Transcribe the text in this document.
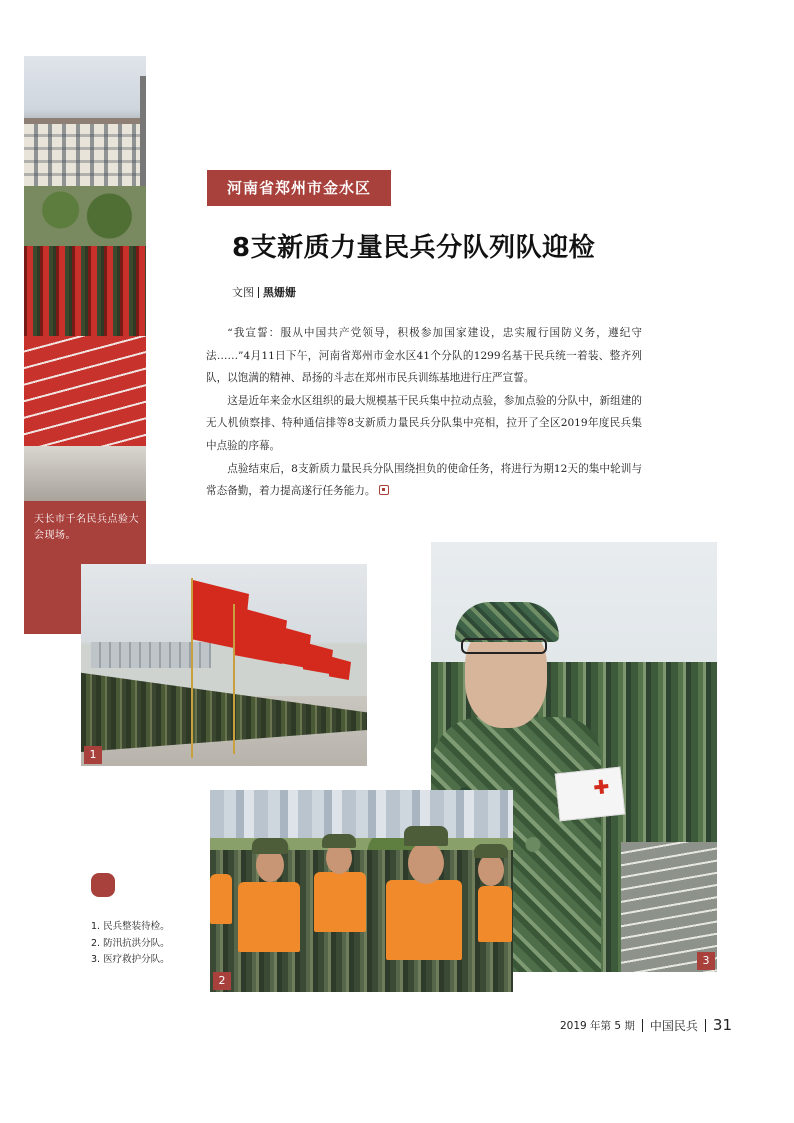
天长市千名民兵点验大会现场。
河南省郑州市金水区
8支新质力量民兵分队列队迎检
文图 黑姗姗

“我宣誓：服从中国共产党领导，积极参加国家建设，忠实履行国防义务，遵纪守法……”4月11日下午，河南省郑州市金水区41个分队的1299名基干民兵统一着装、整齐列队，以饱满的精神、昂扬的斗志在郑州市民兵训练基地进行庄严宣誓。

这是近年来金水区组织的最大规模基干民兵集中拉动点验，参加点验的分队中，新组建的无人机侦察排、特种通信排等8支新质力量民兵分队集中亮相，拉开了全区2019年度民兵集中点验的序幕。

点验结束后，8支新质力量民兵分队围绕担负的使命任务，将进行为期12天的集中轮训与常态备勤，着力提高遂行任务能力。

1
3
2
1. 民兵整装待检。
2. 防汛抗洪分队。
3. 医疗救护分队。
2019 年第 5 期 中国民兵 31
